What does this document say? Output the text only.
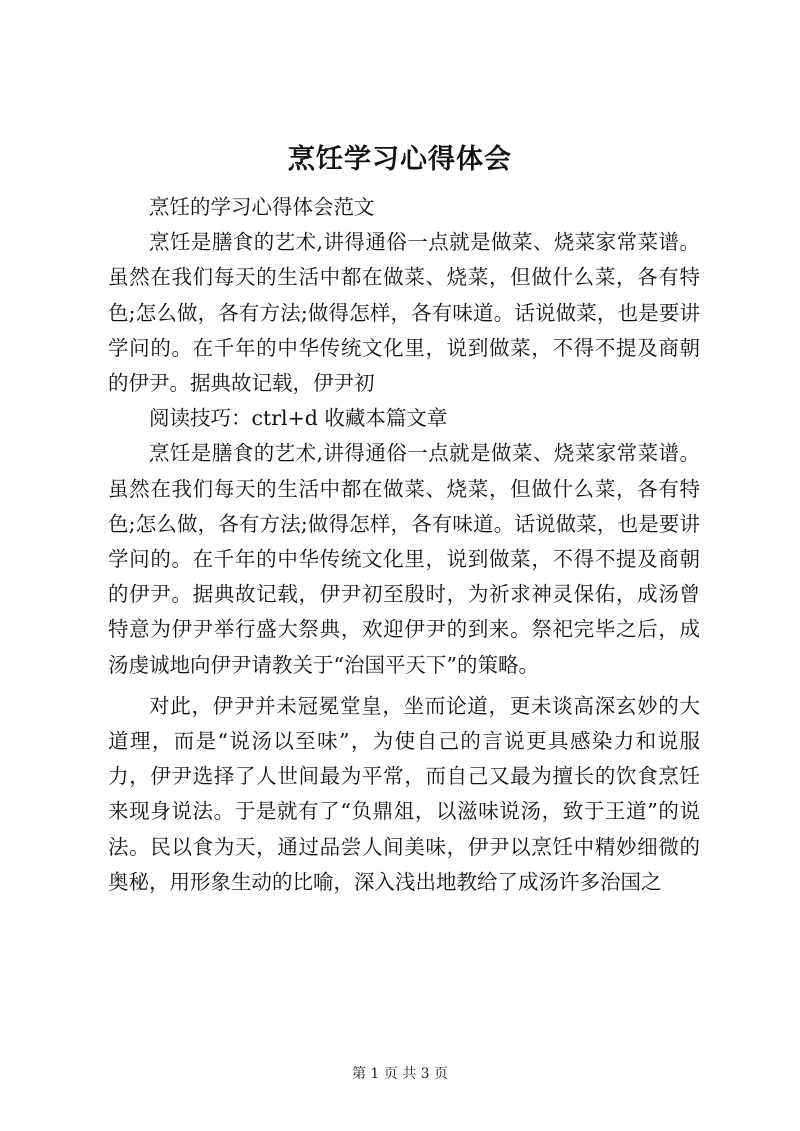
烹饪学习心得体会

烹饪的学习心得体会范文

烹饪是膳食的艺术,讲得通俗一点就是做菜、烧菜家常菜谱。虽然在我们每天的生活中都在做菜、烧菜，但做什么菜，各有特色;怎么做，各有方法;做得怎样，各有味道。话说做菜，也是要讲学问的。在千年的中华传统文化里，说到做菜，不得不提及商朝的伊尹。据典故记载，伊尹初

阅读技巧：ctrl+d 收藏本篇文章

烹饪是膳食的艺术,讲得通俗一点就是做菜、烧菜家常菜谱。虽然在我们每天的生活中都在做菜、烧菜，但做什么菜，各有特色;怎么做，各有方法;做得怎样，各有味道。话说做菜，也是要讲学问的。在千年的中华传统文化里，说到做菜，不得不提及商朝的伊尹。据典故记载，伊尹初至殷时，为祈求神灵保佑，成汤曾特意为伊尹举行盛大祭典，欢迎伊尹的到来。祭祀完毕之后，成汤虔诚地向伊尹请教关于“治国平天下”的策略。

对此，伊尹并未冠冕堂皇，坐而论道，更未谈高深玄妙的大道理，而是“说汤以至味”，为使自己的言说更具感染力和说服力，伊尹选择了人世间最为平常，而自己又最为擅长的饮食烹饪来现身说法。于是就有了“负鼎俎，以滋味说汤，致于王道”的说法。民以食为天，通过品尝人间美味，伊尹以烹饪中精妙细微的奥秘，用形象生动的比喻，深入浅出地教给了成汤许多治国之

第 1 页 共 3 页
